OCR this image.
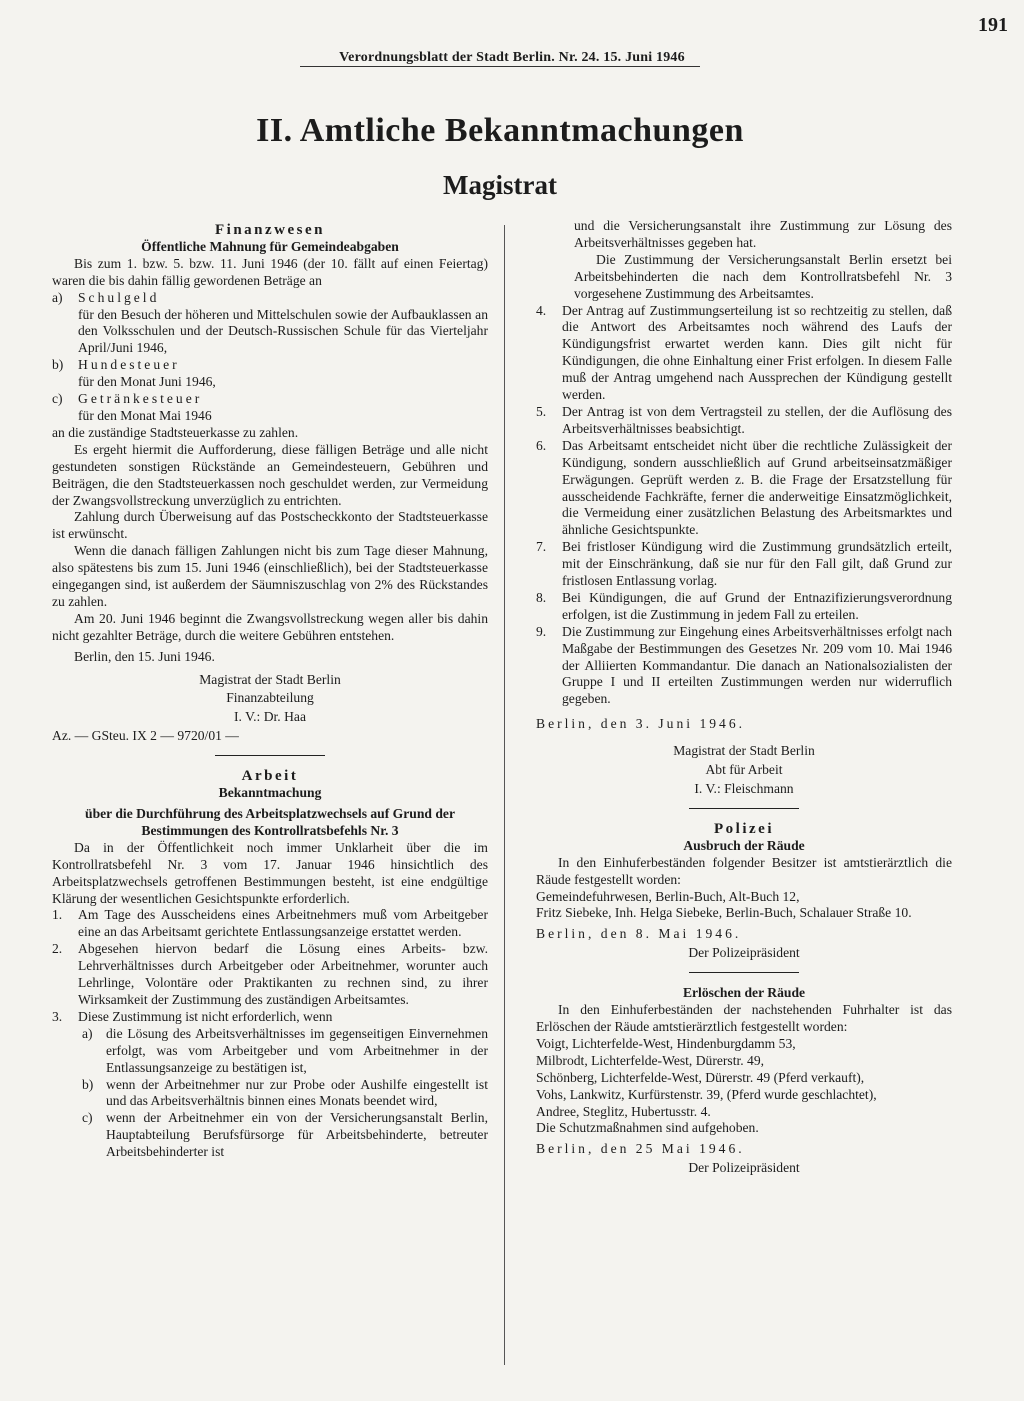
191
Verordnungsblatt der Stadt Berlin. Nr. 24. 15. Juni 1946
II. Amtliche Bekanntmachungen
Magistrat
Finanzwesen
Öffentliche Mahnung für Gemeindeabgaben

Bis zum 1. bzw. 5. bzw. 11. Juni 1946 (der 10. fällt auf einen Feiertag) waren die bis dahin fällig gewordenen Beträge an

a)	Schulgeld

für den Besuch der höheren und Mittelschulen sowie der Aufbauklassen an den Volksschulen und der Deutsch-Russischen Schule für das Vierteljahr April/Juni 1946,

b)	Hundesteuer

für den Monat Juni 1946,

c)	Getränkesteuer

für den Monat Mai 1946

an die zuständige Stadtsteuerkasse zu zahlen.

Es ergeht hiermit die Aufforderung, diese fälligen Beträge und alle nicht gestundeten sonstigen Rückstände an Gemeindesteuern, Gebühren und Beiträgen, die den Stadtsteuerkassen noch geschuldet werden, zur Vermeidung der Zwangsvollstreckung unverzüglich zu entrichten.

Zahlung durch Überweisung auf das Postscheckkonto der Stadtsteuerkasse ist erwünscht.

Wenn die danach fälligen Zahlungen nicht bis zum Tage dieser Mahnung, also spätestens bis zum 15. Juni 1946 (einschließlich), bei der Stadtsteuerkasse eingegangen sind, ist außerdem der Säumniszuschlag von 2% des Rückstandes zu zahlen.

Am 20. Juni 1946 beginnt die Zwangsvollstreckung wegen aller bis dahin nicht gezahlter Beträge, durch die weitere Gebühren entstehen.

Berlin, den 15. Juni 1946.

Magistrat der Stadt Berlin
Finanzabteilung
I. V.: Dr. Haa

Az. — GSteu. IX 2 — 9720/01 —

Arbeit
Bekanntmachung
über die Durchführung des Arbeitsplatzwechsels auf Grund der Bestimmungen des Kontrollratsbefehls Nr. 3

Da in der Öffentlichkeit noch immer Unklarheit über die im Kontrollratsbefehl Nr. 3 vom 17. Januar 1946 hinsichtlich des Arbeitsplatzwechsels getroffenen Bestimmungen besteht, ist eine endgültige Klärung der wesentlichen Gesichtspunkte erforderlich.

1.	Am Tage des Ausscheidens eines Arbeitnehmers muß vom Arbeitgeber eine an das Arbeitsamt gerichtete Entlassungsanzeige erstattet werden.

2.	Abgesehen hiervon bedarf die Lösung eines Arbeits- bzw. Lehrverhältnisses durch Arbeitgeber oder Arbeitnehmer, worunter auch Lehrlinge, Volontäre oder Praktikanten zu rechnen sind, zu ihrer Wirksamkeit der Zustimmung des zuständigen Arbeitsamtes.

3.	Diese Zustimmung ist nicht erforderlich, wenn

a) die Lösung des Arbeitsverhältnisses im gegenseitigen Einvernehmen erfolgt, was vom Arbeitgeber und vom Arbeitnehmer in der Entlassungsanzeige zu bestätigen ist,

b) wenn der Arbeitnehmer nur zur Probe oder Aushilfe eingestellt ist und das Arbeitsverhältnis binnen eines Monats beendet wird,

c) wenn der Arbeitnehmer ein von der Versicherungsanstalt Berlin, Hauptabteilung Berufsfürsorge für Arbeitsbehinderte, betreuter Arbeitsbehinderter ist

und die Versicherungsanstalt ihre Zustimmung zur Lösung des Arbeitsverhältnisses gegeben hat.

Die Zustimmung der Versicherungsanstalt Berlin ersetzt bei Arbeitsbehinderten die nach dem Kontrollratsbefehl Nr. 3 vorgesehene Zustimmung des Arbeitsamtes.

4.	Der Antrag auf Zustimmungserteilung ist so rechtzeitig zu stellen, daß die Antwort des Arbeitsamtes noch während des Laufs der Kündigungsfrist erwartet werden kann. Dies gilt nicht für Kündigungen, die ohne Einhaltung einer Frist erfolgen. In diesem Falle muß der Antrag umgehend nach Aussprechen der Kündigung gestellt werden.

5.	Der Antrag ist von dem Vertragsteil zu stellen, der die Auflösung des Arbeitsverhältnisses beabsichtigt.

6.	Das Arbeitsamt entscheidet nicht über die rechtliche Zulässigkeit der Kündigung, sondern ausschließlich auf Grund arbeitseinsatzmäßiger Erwägungen. Geprüft werden z. B. die Frage der Ersatzstellung für ausscheidende Fachkräfte, ferner die anderweitige Einsatzmöglichkeit, die Vermeidung einer zusätzlichen Belastung des Arbeitsmarktes und ähnliche Gesichtspunkte.

7.	Bei fristloser Kündigung wird die Zustimmung grundsätzlich erteilt, mit der Einschränkung, daß sie nur für den Fall gilt, daß Grund zur fristlosen Entlassung vorlag.

8.	Bei Kündigungen, die auf Grund der Entnazifizierungsverordnung erfolgen, ist die Zustimmung in jedem Fall zu erteilen.

9.	Die Zustimmung zur Eingehung eines Arbeitsverhältnisses erfolgt nach Maßgabe der Bestimmungen des Gesetzes Nr. 209 vom 10. Mai 1946 der Alliierten Kommandantur. Die danach an Nationalsozialisten der Gruppe I und II erteilten Zustimmungen werden nur widerruflich gegeben.

Berlin, den 3. Juni 1946.

Magistrat der Stadt Berlin
Abt für Arbeit
I. V.: Fleischmann
Polizei
Ausbruch der Räude

In den Einhuferbeständen folgender Besitzer ist amtstierärztlich die Räude festgestellt worden:

Gemeindefuhrwesen, Berlin-Buch, Alt-Buch 12,

Fritz Siebeke, Inh. Helga Siebeke, Berlin-Buch, Schalauer Straße 10.

Berlin, den 8. Mai 1946.

Der Polizeipräsident
Erlöschen der Räude

In den Einhuferbeständen der nachstehenden Fuhrhalter ist das Erlöschen der Räude amtstierärztlich festgestellt worden:

Voigt, Lichterfelde-West, Hindenburgdamm 53,

Milbrodt, Lichterfelde-West, Dürerstr. 49,

Schönberg, Lichterfelde-West, Dürerstr. 49 (Pferd verkauft),

Vohs, Lankwitz, Kurfürstenstr. 39, (Pferd wurde geschlachtet),

Andree, Steglitz, Hubertusstr. 4.

Die Schutzmaßnahmen sind aufgehoben.

Berlin, den 25 Mai 1946.

Der Polizeipräsident
